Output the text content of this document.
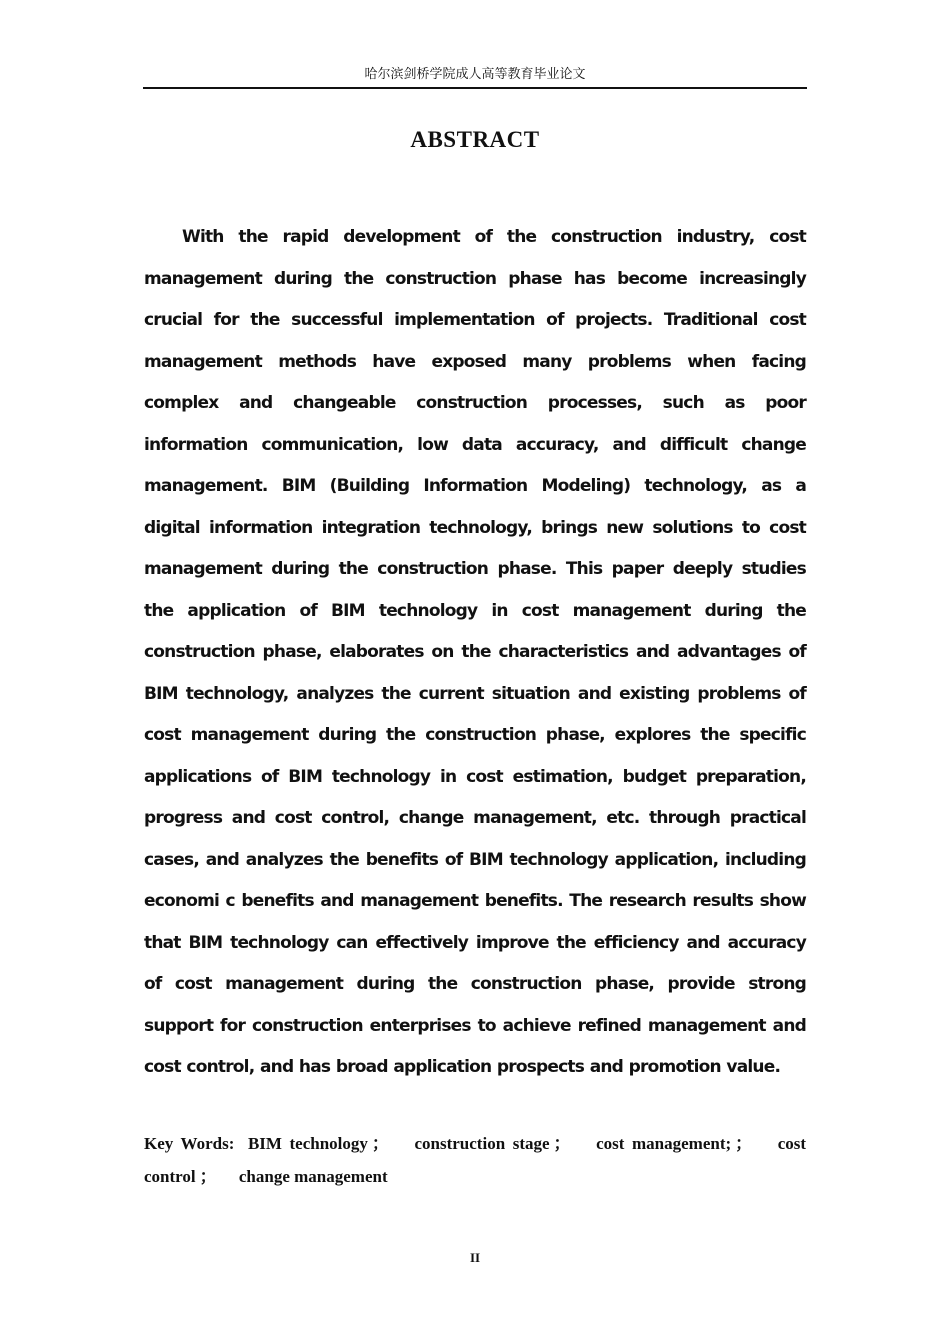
哈尔滨剑桥学院成人高等教育毕业论文
ABSTRACT

With the rapid development of the construction industry, cost management during the construction phase has become increasingly crucial for the successful implementation of projects. Traditional cost management methods have exposed many problems when facing complex and changeable construction processes, such as poor information communication, low data accuracy, and difficult change management. BIM (Building Information Modeling) technology, as a digital information integration technology, brings new solutions to cost management during the construction phase. This paper deeply studies the application of BIM technology in cost management during the construction phase, elaborates on the characteristics and advantages of BIM technology, analyzes the current situation and existing problems of cost management during the construction phase, explores the specific applications of BIM technology in cost estimation, budget preparation, progress and cost control, change management, etc. through practical cases, and analyzes the benefits of BIM technology application, including economi c benefits and management benefits. The research results show that BIM technology can effectively improve the efficiency and accuracy of cost management during the construction phase, provide strong support for construction enterprises to achieve refined management and cost control, and has broad application prospects and promotion value.

Key Words: BIM technology ； construction stage ； cost management; ； cost control ； change management

II
